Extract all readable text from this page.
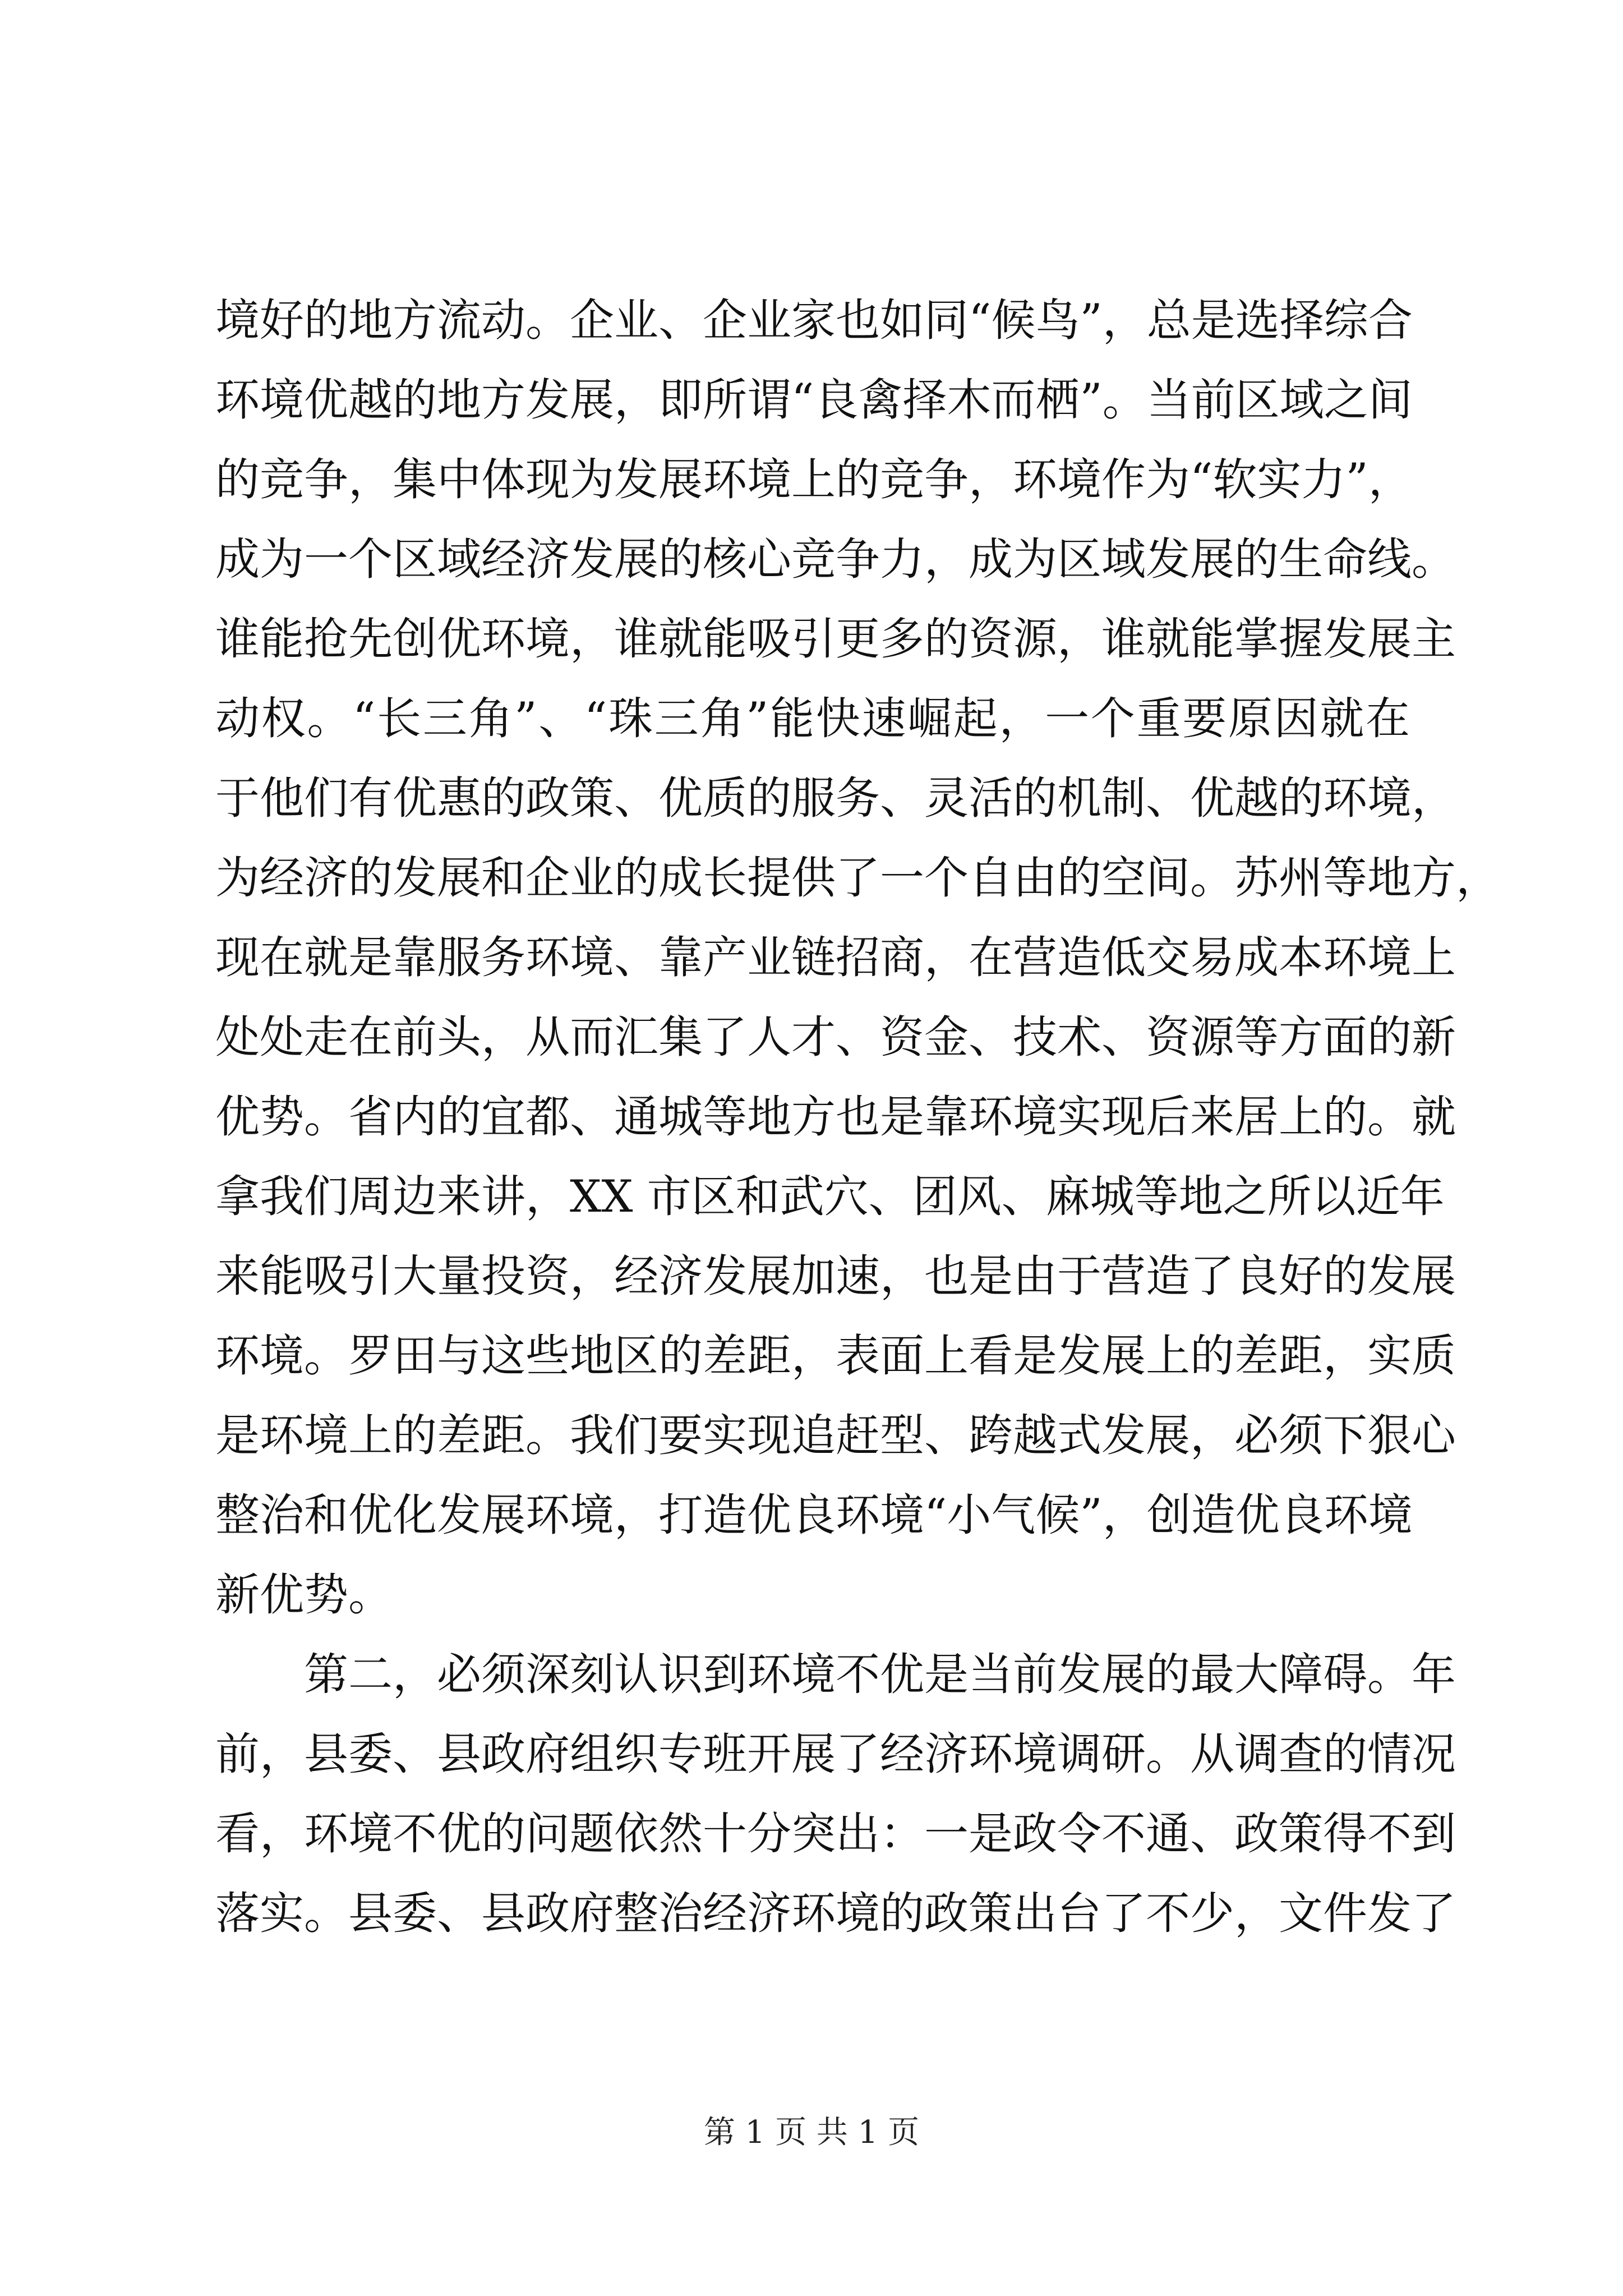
境好的地方流动。企业、企业家也如同“候鸟”，总是选择综合
环境优越的地方发展，即所谓“良禽择木而栖”。当前区域之间
的竞争，集中体现为发展环境上的竞争，环境作为“软实力”，
成为一个区域经济发展的核心竞争力，成为区域发展的生命线。
谁能抢先创优环境，谁就能吸引更多的资源，谁就能掌握发展主
动权。“长三角”、“珠三角”能快速崛起，一个重要原因就在
于他们有优惠的政策、优质的服务、灵活的机制、优越的环境，
为经济的发展和企业的成长提供了一个自由的空间。苏州等地方，
现在就是靠服务环境、靠产业链招商，在营造低交易成本环境上
处处走在前头，从而汇集了人才、资金、技术、资源等方面的新
优势。省内的宜都、通城等地方也是靠环境实现后来居上的。就
拿我们周边来讲，XX 市区和武穴、团风、麻城等地之所以近年
来能吸引大量投资，经济发展加速，也是由于营造了良好的发展
环境。罗田与这些地区的差距，表面上看是发展上的差距，实质
是环境上的差距。我们要实现追赶型、跨越式发展，必须下狠心
整治和优化发展环境，打造优良环境“小气候”，创造优良环境
新优势。
第二，必须深刻认识到环境不优是当前发展的最大障碍。年
前，县委、县政府组织专班开展了经济环境调研。从调查的情况
看，环境不优的问题依然十分突出：一是政令不通、政策得不到
落实。县委、县政府整治经济环境的政策出台了不少，文件发了
第 1 页 共 1 页
